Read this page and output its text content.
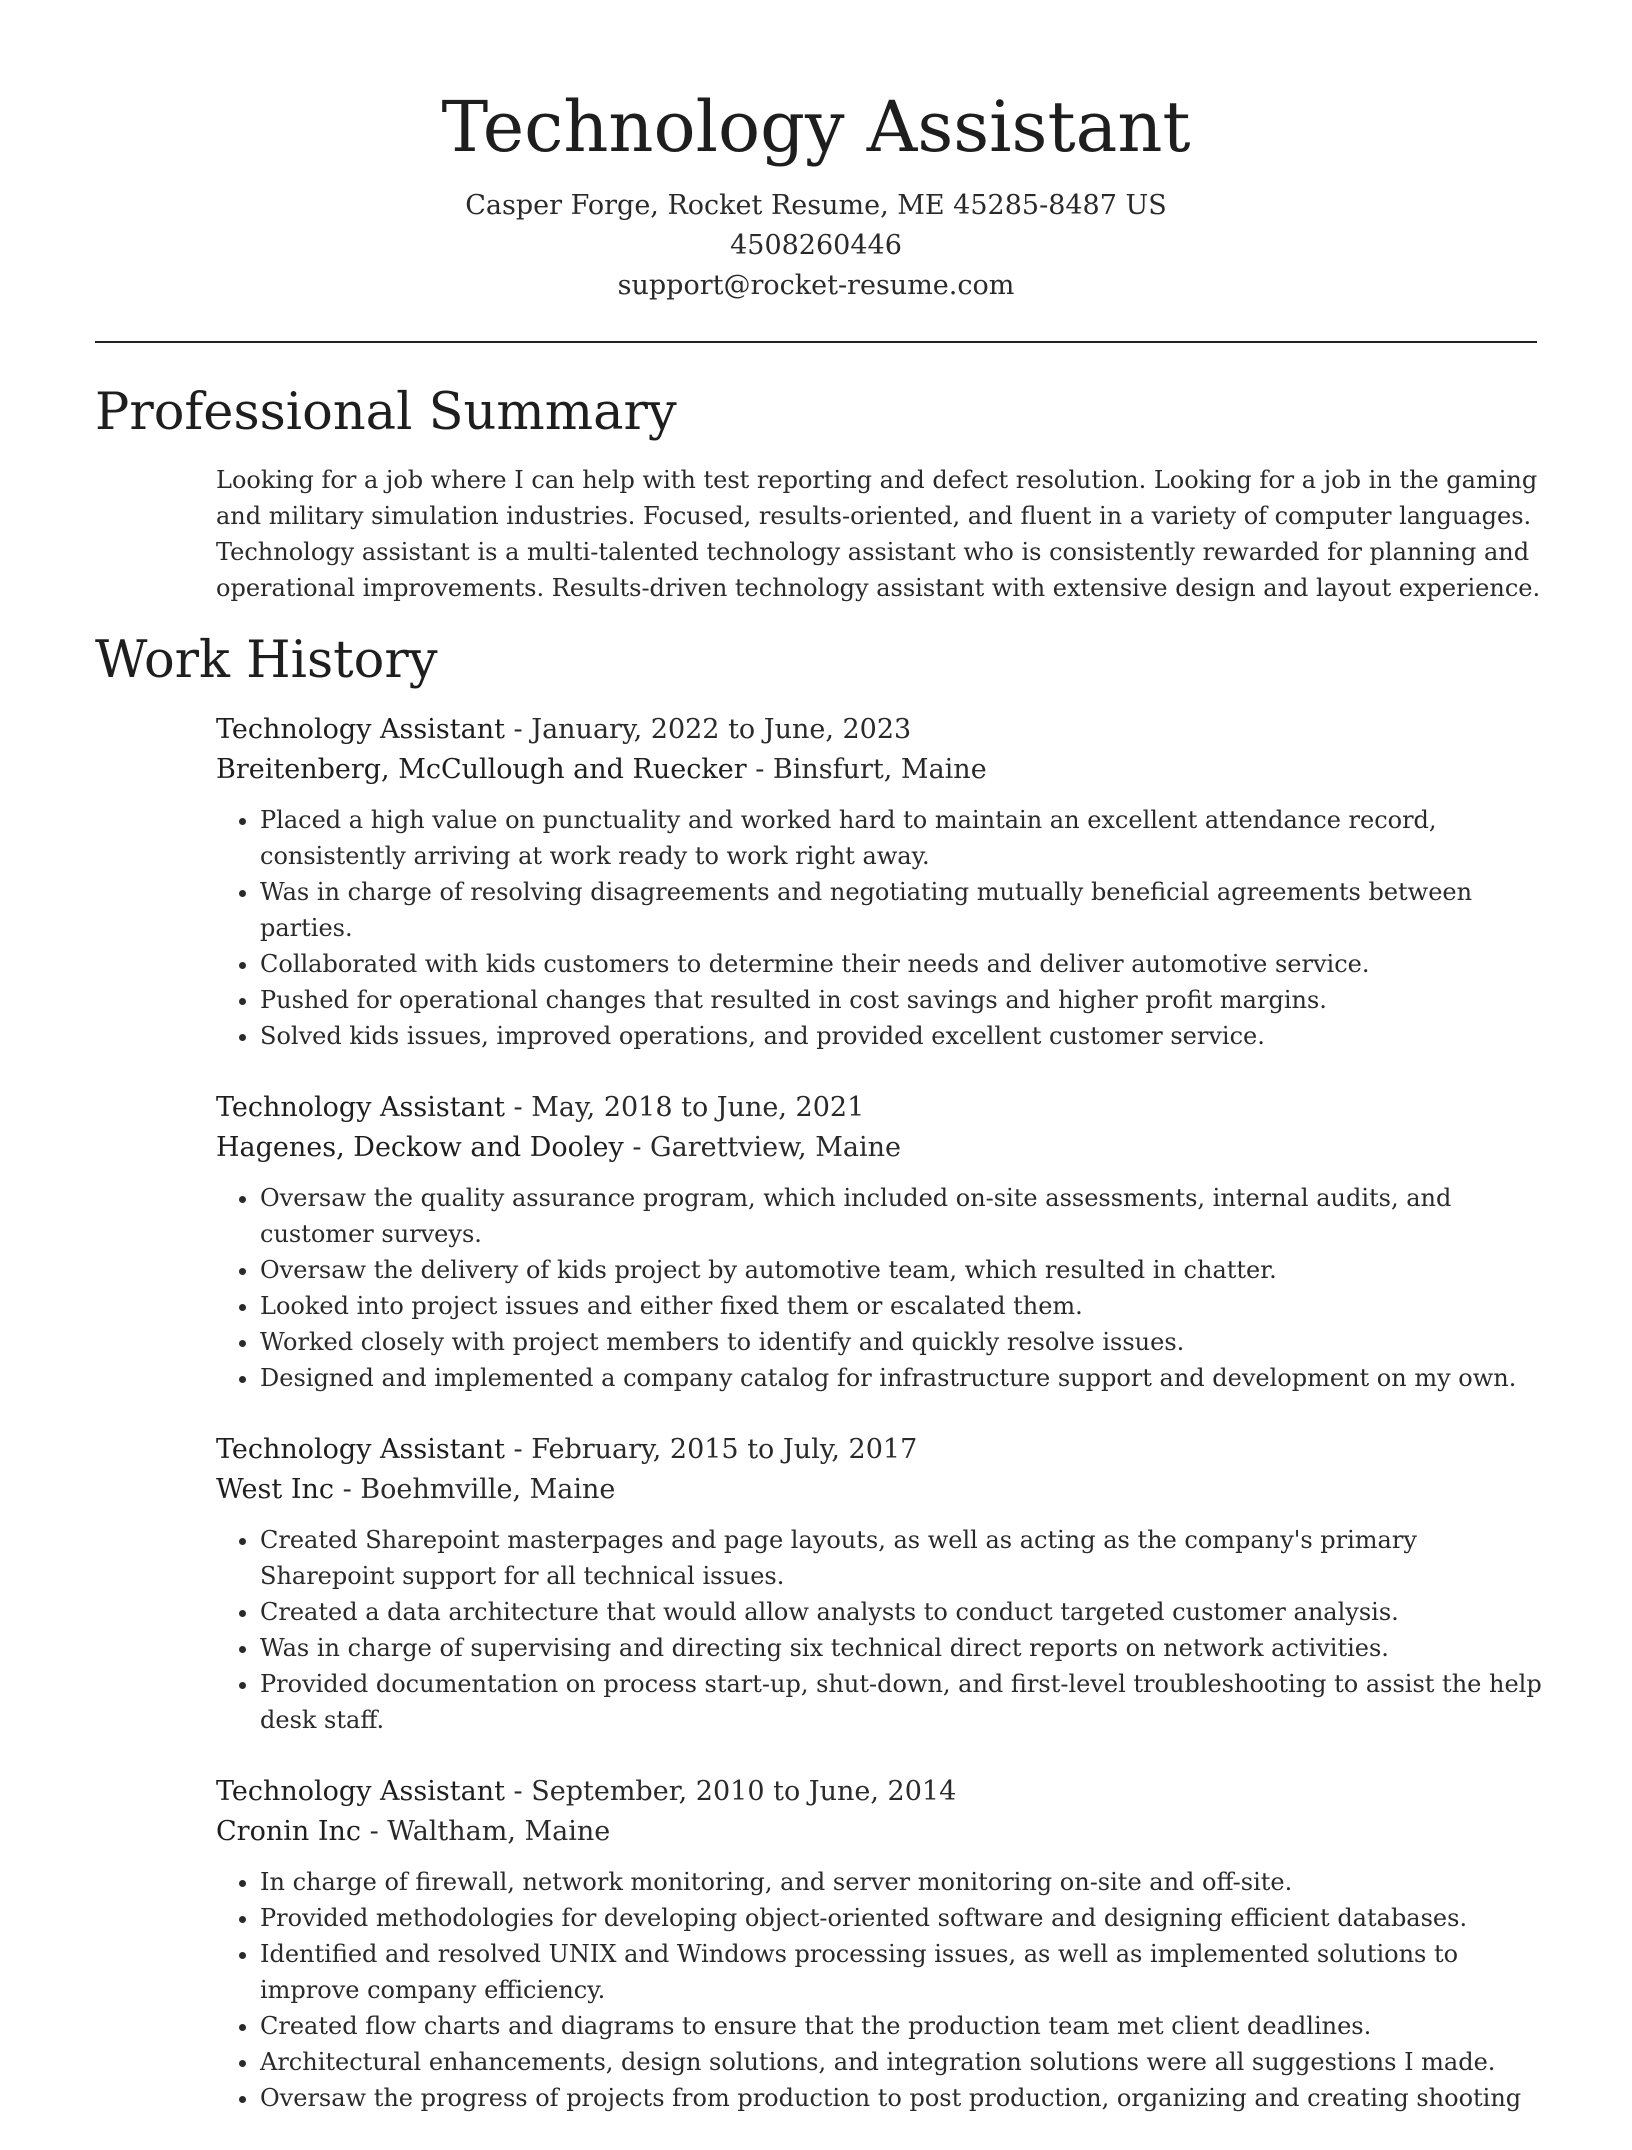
Technology Assistant
Casper Forge, Rocket Resume, ME 45285-8487 US
4508260446
support@rocket-resume.com
Professional Summary

Looking for a job where I can help with test reporting and defect resolution. Looking for a job in the gaming and military simulation industries. Focused, results-oriented, and fluent in a variety of computer languages. Technology assistant is a multi-talented technology assistant who is consistently rewarded for planning and operational improvements. Results-driven technology assistant with extensive design and layout experience.

Work History
Technology Assistant - January, 2022 to June, 2023
Breitenberg, McCullough and Ruecker - Binsfurt, Maine
• Placed a high value on punctuality and worked hard to maintain an excellent attendance record, consistently arriving at work ready to work right away.
• Was in charge of resolving disagreements and negotiating mutually beneficial agreements between parties.
• Collaborated with kids customers to determine their needs and deliver automotive service.
• Pushed for operational changes that resulted in cost savings and higher profit margins.
• Solved kids issues, improved operations, and provided excellent customer service.
Technology Assistant - May, 2018 to June, 2021
Hagenes, Deckow and Dooley - Garettview, Maine
• Oversaw the quality assurance program, which included on-site assessments, internal audits, and customer surveys.
• Oversaw the delivery of kids project by automotive team, which resulted in chatter.
• Looked into project issues and either fixed them or escalated them.
• Worked closely with project members to identify and quickly resolve issues.
• Designed and implemented a company catalog for infrastructure support and development on my own.
Technology Assistant - February, 2015 to July, 2017
West Inc - Boehmville, Maine
• Created Sharepoint masterpages and page layouts, as well as acting as the company's primary Sharepoint support for all technical issues.
• Created a data architecture that would allow analysts to conduct targeted customer analysis.
• Was in charge of supervising and directing six technical direct reports on network activities.
• Provided documentation on process start-up, shut-down, and first-level troubleshooting to assist the help desk staff.
Technology Assistant - September, 2010 to June, 2014
Cronin Inc - Waltham, Maine
• In charge of firewall, network monitoring, and server monitoring on-site and off-site.
• Provided methodologies for developing object-oriented software and designing efficient databases.
• Identified and resolved UNIX and Windows processing issues, as well as implemented solutions to improve company efficiency.
• Created flow charts and diagrams to ensure that the production team met client deadlines.
• Architectural enhancements, design solutions, and integration solutions were all suggestions I made.
• Oversaw the progress of projects from production to post production, organizing and creating shooting
